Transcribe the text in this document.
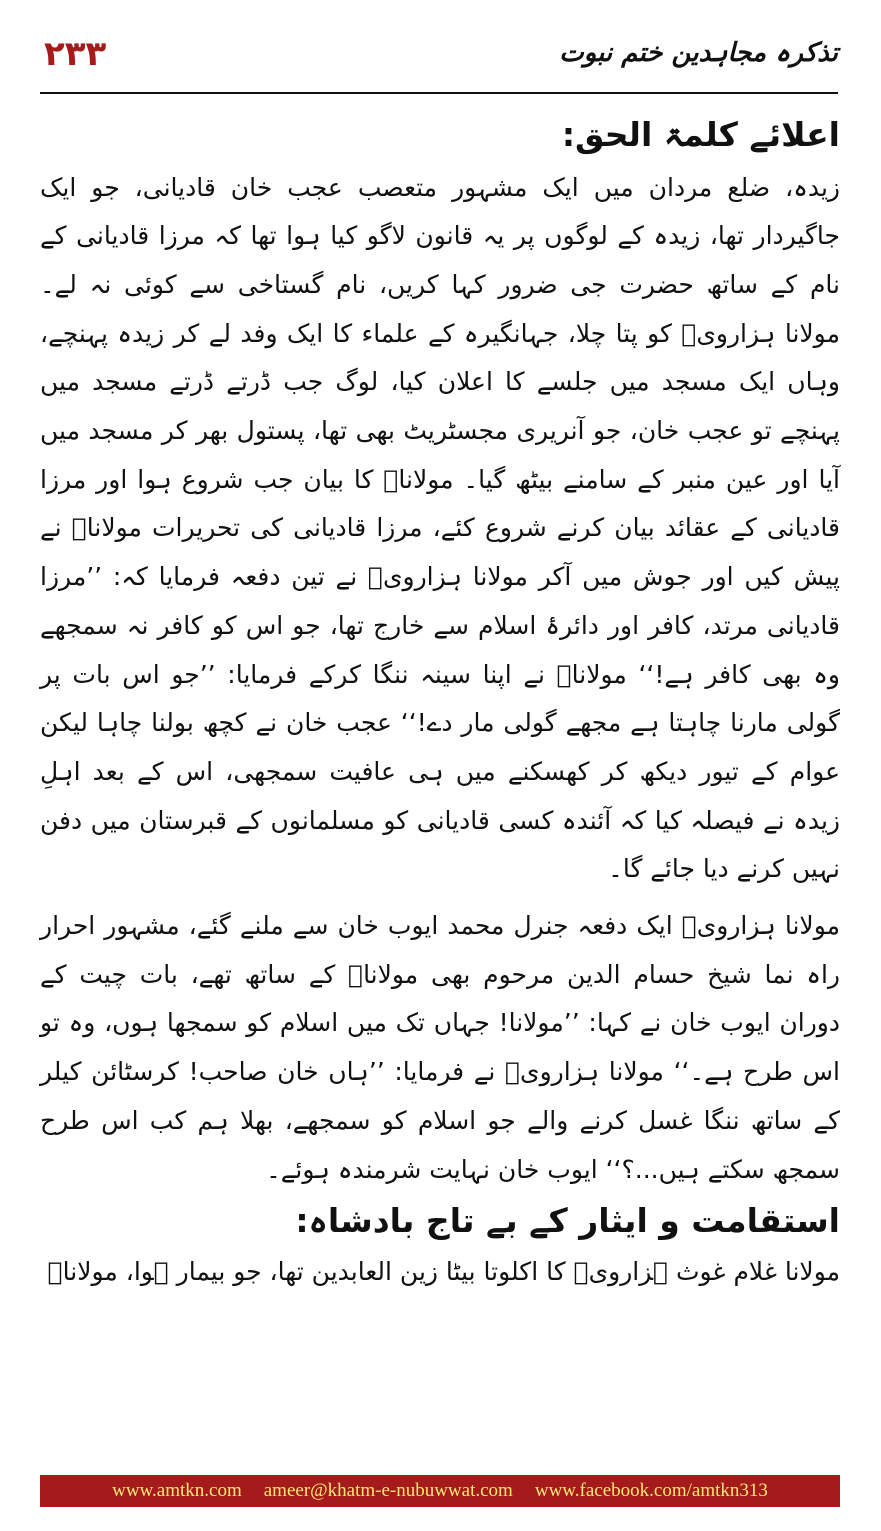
۲۳۳	تذکرہ مجاہدین ختم نبوت
اعلائے کلمۃ الحق:

زیدہ، ضلع مردان میں ایک مشہور متعصب عجب خان قادیانی، جو ایک جاگیردار تھا، زیدہ کے لوگوں پر یہ قانون لاگو کیا ہوا تھا کہ مرزا قادیانی کے نام کے ساتھ حضرت جی ضرور کہا کریں، نام گستاخی سے کوئی نہ لے۔ مولانا ہزارویؒ کو پتا چلا، جہانگیرہ کے علماء کا ایک وفد لے کر زیدہ پہنچے، وہاں ایک مسجد میں جلسے کا اعلان کیا، لوگ جب ڈرتے ڈرتے مسجد میں پہنچے تو عجب خان، جو آنریری مجسٹریٹ بھی تھا، پستول بھر کر مسجد میں آیا اور عین منبر کے سامنے بیٹھ گیا۔ مولاناؒ کا بیان جب شروع ہوا اور مرزا قادیانی کے عقائد بیان کرنے شروع کئے، مرزا قادیانی کی تحریرات مولاناؒ نے پیش کیں اور جوش میں آکر مولانا ہزارویؒ نے تین دفعہ فرمایا کہ: ’’مرزا قادیانی مرتد، کافر اور دائرۂ اسلام سے خارج تھا، جو اس کو کافر نہ سمجھے وہ بھی کافر ہے!‘‘ مولاناؒ نے اپنا سینہ ننگا کرکے فرمایا: ’’جو اس بات پر گولی مارنا چاہتا ہے مجھے گولی مار دے!‘‘ عجب خان نے کچھ بولنا چاہا لیکن عوام کے تیور دیکھ کر کھسکنے میں ہی عافیت سمجھی، اس کے بعد اہلِ زیدہ نے فیصلہ کیا کہ آئندہ کسی قادیانی کو مسلمانوں کے قبرستان میں دفن نہیں کرنے دیا جائے گا۔

مولانا ہزارویؒ ایک دفعہ جنرل محمد ایوب خان سے ملنے گئے، مشہور احرار راہ نما شیخ حسام الدین مرحوم بھی مولاناؒ کے ساتھ تھے، بات چیت کے دوران ایوب خان نے کہا: ’’مولانا! جہاں تک میں اسلام کو سمجھا ہوں، وہ تو اس طرح ہے۔‘‘ مولانا ہزارویؒ نے فرمایا: ’’ہاں خان صاحب! کرسٹائن کیلر کے ساتھ ننگا غسل کرنے والے جو اسلام کو سمجھے، بھلا ہم کب اس طرح سمجھ سکتے ہیں...؟‘‘ ایوب خان نہایت شرمندہ ہوئے۔

استقامت و ایثار کے بے تاج بادشاہ:

مولانا غلام غوث ہزارویؒ کا اکلوتا بیٹا زین العابدین تھا، جو بیمار ہوا، مولاناؒ

www.amtkn.com ameer@khatm-e-nubuwwat.com www.facebook.com/amtkn313
